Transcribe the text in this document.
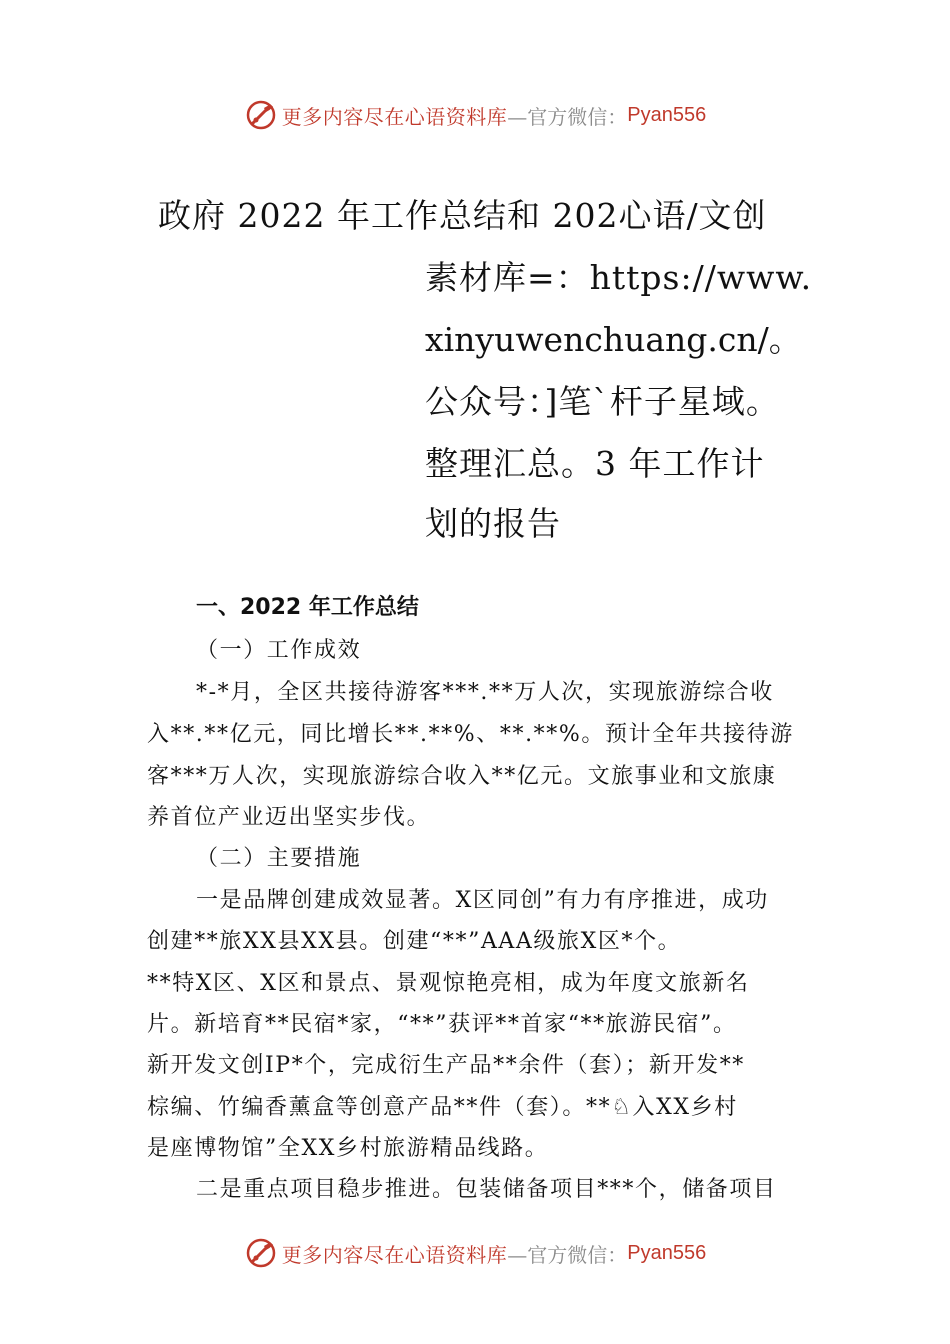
更多内容尽在心语资料库 —官方微信： Pyan556
政府 2022 年工作总结和 202心语/文创
素材库=：https://www.
xinyuwenchuang.cn/。
公众号：]笔`杆子星域。
整理汇总。3 年工作计
划的报告
一、2022 年工作总结
（一）工作成效
*-*月，全区共接待游客***.**万人次，实现旅游综合收
入**.**亿元，同比增长**.**%、**.**%。预计全年共接待游
客***万人次，实现旅游综合收入**亿元。文旅事业和文旅康
养首位产业迈出坚实步伐。
（二）主要措施
一是品牌创建成效显著。X区同创”有力有序推进，成功
创建**旅XX县XX县。创建“**”AAA级旅X区*个。
**特X区、X区和景点、景观惊艳亮相，成为年度文旅新名
片。新培育**民宿*家，“**”获评**首家“**旅游民宿”。
新开发文创IP*个，完成衍生产品**余件（套）；新开发**
棕编、竹编香薰盒等创意产品**件（套）。**♘入XX乡村
是座博物馆”全XX乡村旅游精品线路。
二是重点项目稳步推进。包装储备项目***个，储备项目
更多内容尽在心语资料库 —官方微信： Pyan556
